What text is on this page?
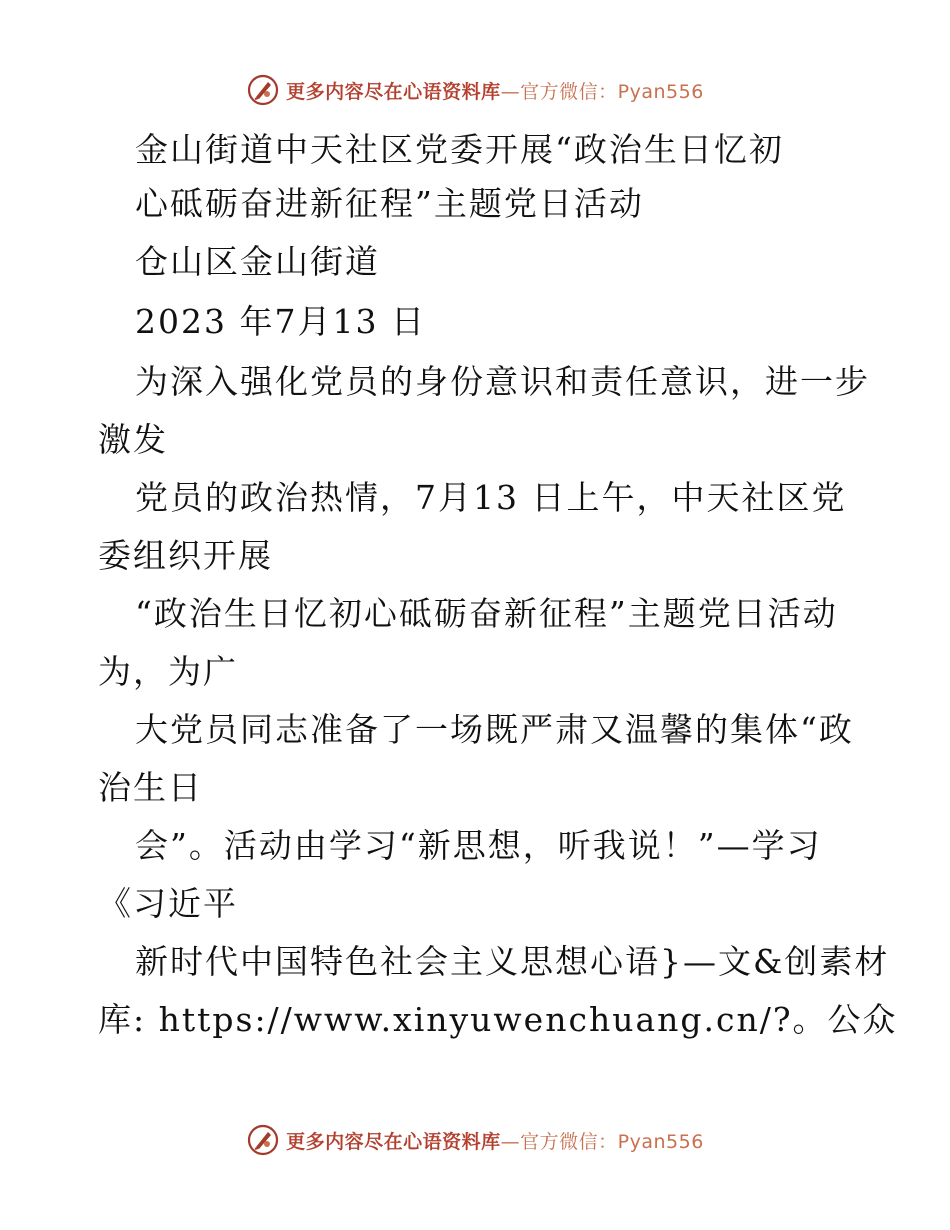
更多内容尽在心语资料库—官方微信：Pyan556
金山街道中天社区党委开展“政治生日忆初
心砥砺奋进新征程”主题党日活动
仓山区金山街道
2023 年7月13 日
为深入强化党员的身份意识和责任意识，进一步
激发
党员的政治热情，7月13 日上午，中天社区党
委组织开展
“政治生日忆初心砥砺奋新征程”主题党日活动
为，为广
大党员同志准备了一场既严肃又温馨的集体“政
治生日
会”。活动由学习“新思想，听我说！”—学习
《习近平
新时代中国特色社会主义思想心语}—文&创素材
库: https://www.xinyuwenchuang.cn/?。公众
更多内容尽在心语资料库—官方微信：Pyan556
